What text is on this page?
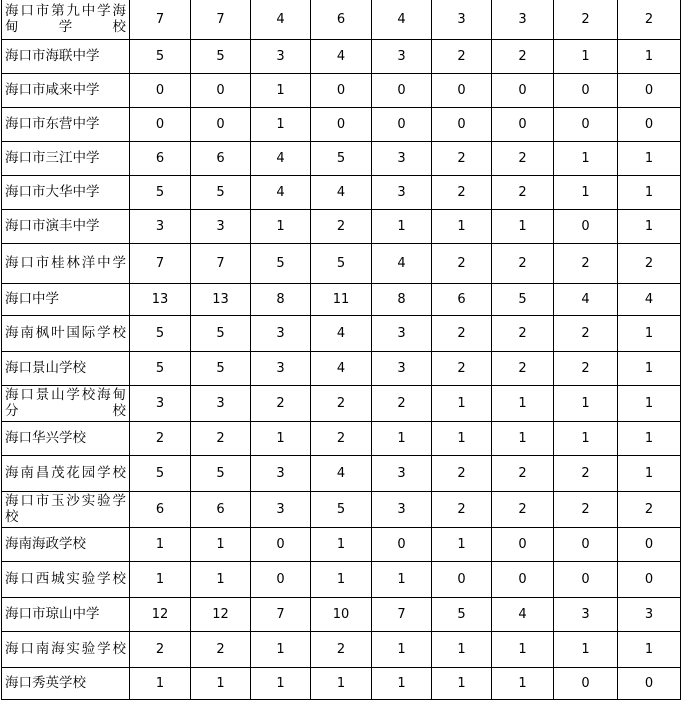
海口市第九中学海甸学校	7	7	4	6	4	3	3	2	2
海口市海联中学	5	5	3	4	3	2	2	1	1
海口市咸来中学	0	0	1	0	0	0	0	0	0
海口市东营中学	0	0	1	0	0	0	0	0	0
海口市三江中学	6	6	4	5	3	2	2	1	1
海口市大华中学	5	5	4	4	3	2	2	1	1
海口市演丰中学	3	3	1	2	1	1	1	0	1
海口市桂林洋中学	7	7	5	5	4	2	2	2	2
海口中学	13	13	8	11	8	6	5	4	4
海南枫叶国际学校	5	5	3	4	3	2	2	2	1
海口景山学校	5	5	3	4	3	2	2	2	1
海口景山学校海甸分校	3	3	2	2	2	1	1	1	1
海口华兴学校	2	2	1	2	1	1	1	1	1
海南昌茂花园学校	5	5	3	4	3	2	2	2	1
海口市玉沙实验学校	6	6	3	5	3	2	2	2	2
海南海政学校	1	1	0	1	0	1	0	0	0
海口西城实验学校	1	1	0	1	1	0	0	0	0
海口市琼山中学	12	12	7	10	7	5	4	3	3
海口南海实验学校	2	2	1	2	1	1	1	1	1
海口秀英学校	1	1	1	1	1	1	1	0	0
